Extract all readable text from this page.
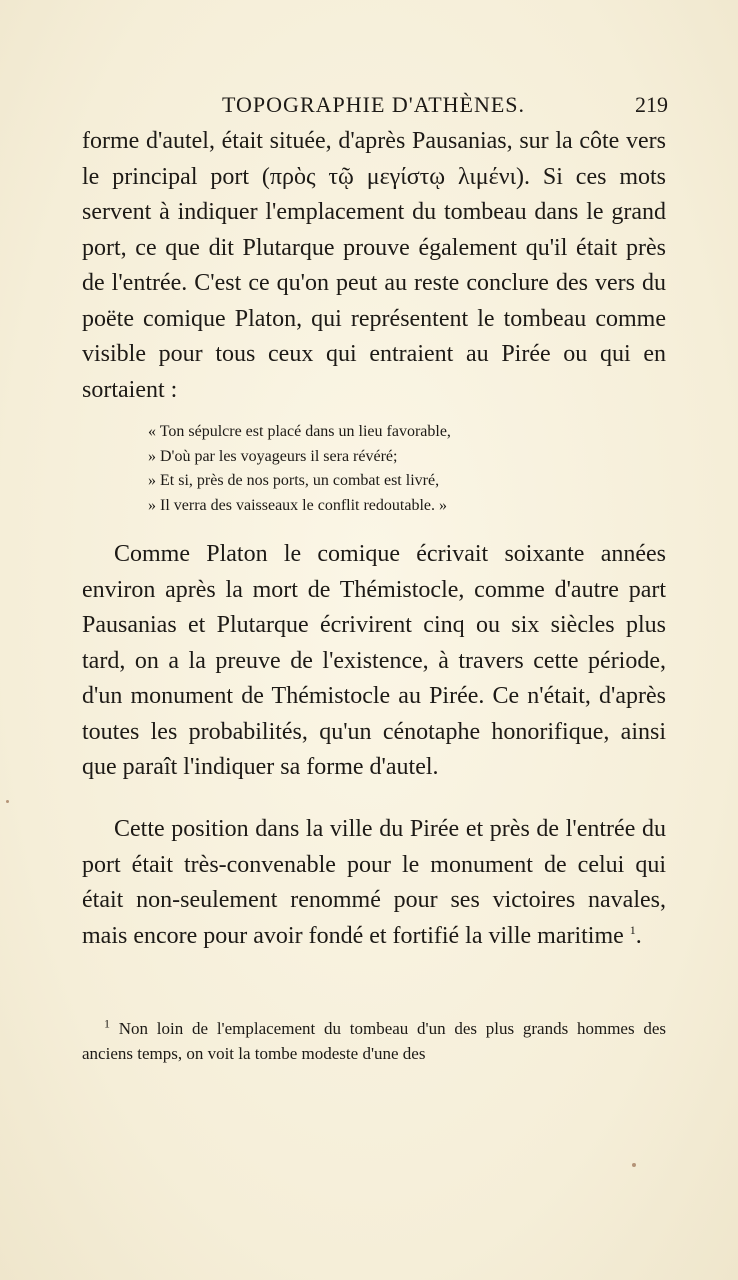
TOPOGRAPHIE D'ATHÈNES.	219

forme d'autel, était située, d'après Pausanias, sur la côte vers le principal port (πρὸς τῷ μεγίστῳ λιμένι). Si ces mots servent à indiquer l'emplacement du tombeau dans le grand port, ce que dit Plutarque prouve également qu'il était près de l'entrée. C'est ce qu'on peut au reste conclure des vers du poëte comique Platon, qui représentent le tombeau comme visible pour tous ceux qui entraient au Pirée ou qui en sortaient :

« Ton sépulcre est placé dans un lieu favorable,
» D'où par les voyageurs il sera révéré;
» Et si, près de nos ports, un combat est livré,
» Il verra des vaisseaux le conflit redoutable. »

Comme Platon le comique écrivait soixante années environ après la mort de Thémistocle, comme d'autre part Pausanias et Plutarque écrivirent cinq ou six siècles plus tard, on a la preuve de l'existence, à travers cette période, d'un monument de Thémistocle au Pirée. Ce n'était, d'après toutes les probabilités, qu'un cénotaphe honorifique, ainsi que paraît l'indiquer sa forme d'autel.

Cette position dans la ville du Pirée et près de l'entrée du port était très-convenable pour le monument de celui qui était non-seulement renommé pour ses victoires navales, mais encore pour avoir fondé et fortifié la ville maritime $^1$.

$^1$ Non loin de l'emplacement du tombeau d'un des plus grands hommes des anciens temps, on voit la tombe modeste d'une des
